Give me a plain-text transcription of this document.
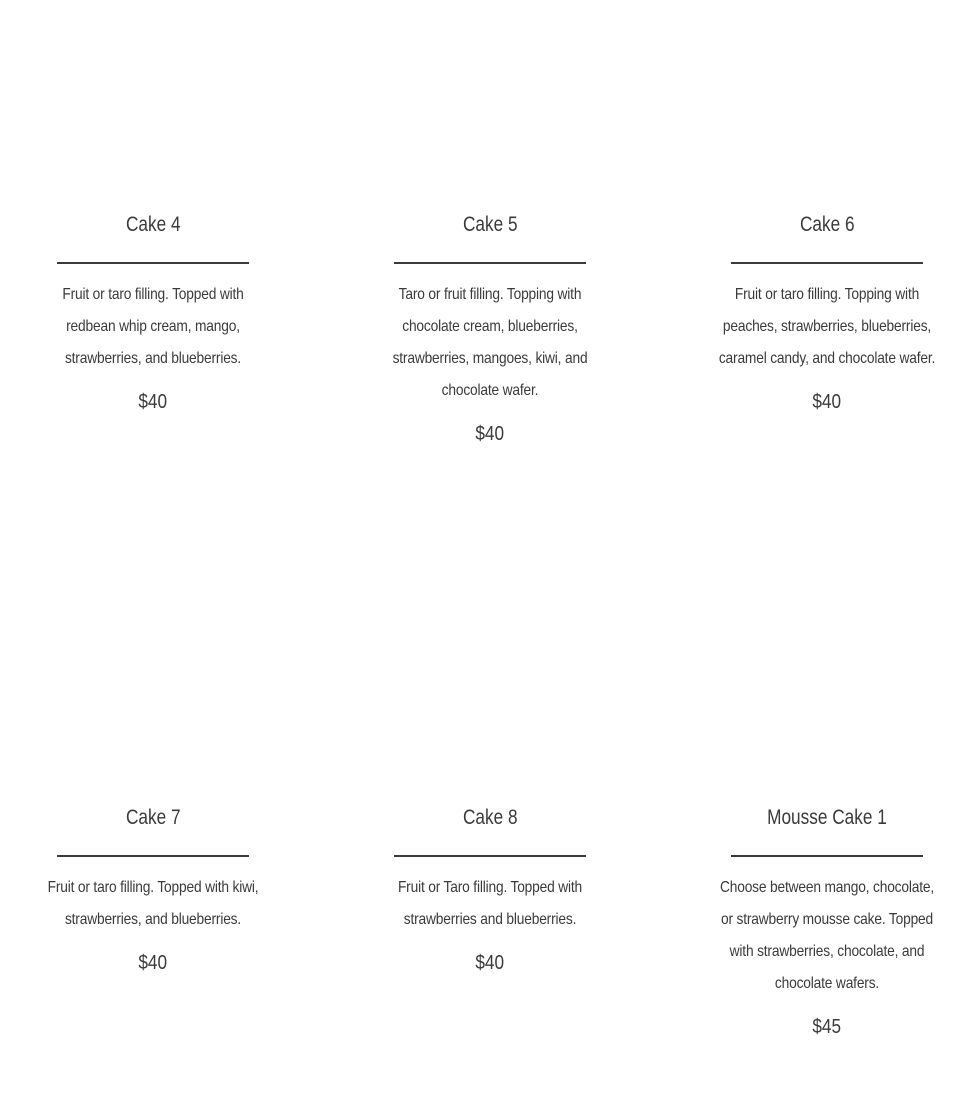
Cake 4

Fruit or taro filling. Topped with redbean whip cream, mango, strawberries, and blueberries.

$40
Cake 5

Taro or fruit filling. Topping with chocolate cream, blueberries, strawberries, mangoes, kiwi, and chocolate wafer.

$40
Cake 6

Fruit or taro filling. Topping with peaches, strawberries, blueberries, caramel candy, and chocolate wafer.

$40
Cake 7

Fruit or taro filling. Topped with kiwi, strawberries, and blueberries.

$40
Cake 8

Fruit or Taro filling. Topped with strawberries and blueberries.

$40
Mousse Cake 1

Choose between mango, chocolate, or strawberry mousse cake. Topped with strawberries, chocolate, and chocolate wafers.

$45
